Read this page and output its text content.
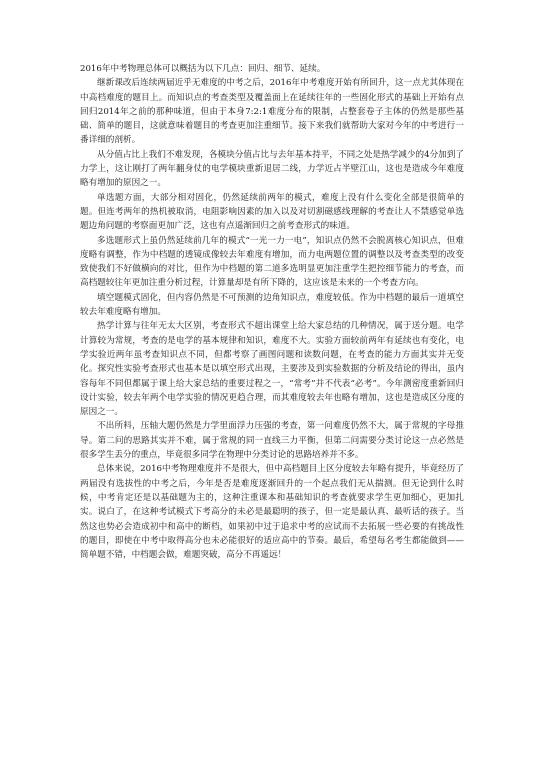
2016年中考物理总体可以概括为以下几点：回归、细节、延续。

继新课改后连续两届近乎无难度的中考之后，2016年中考难度开始有所回升，这一点尤其体现在中高档难度的题目上。而知识点的考查类型及覆盖面上在延续往年的一些固化形式的基础上开始有点回归2014年之前的那种味道，但由于本身7:2:1难度分布的限制，占整套卷子主体的仍然是那些基础、简单的题目，这就意味着题目的考查更加注重细节。接下来我们就帮助大家对今年的中考进行一番详细的剖析。

从分值占比上我们不难发现，各模块分值占比与去年基本持平，不同之处是热学减少的4分加到了力学上，这让刚打了两年翻身仗的电学模块重新退居二线，力学近占半壁江山，这也是造成今年难度略有增加的原因之一。

单选题方面，大部分相对固化，仍然延续前两年的模式，难度上没有什么变化全部是很简单的题。但连考两年的热机被取消，电阻影响因素的加入以及对切割磁感线理解的考查让人不禁感觉单选题边角问题的考察面更加广泛，这也有点遥渐回归之前考查形式的味道。

多选题形式上虽仍然延续前几年的模式“一光一力一电”，知识点仍然不会脱离核心知识点，但难度略有调整，作为中档题的透镜成像较去年难度有增加，而力电两题位置的调整以及考查类型的改变致使我们不好做横向的对比，但作为中档题的第二道多选明显更加注重学生把控细节能力的考查，而高档题较往年更加注重分析过程，计算量却是有所下降的，这应该是未来的一个考查方向。

填空题模式固化，但内容仍然是不可预测的边角知识点，难度较低。作为中档题的最后一道填空较去年难度略有增加。

热学计算与往年无太大区别，考查形式不超出课堂上给大家总结的几种情况，属于送分题。电学计算较为常规，考查的是电学的基本规律和知识，难度不大。实验方面较前两年有延续也有变化，电学实验近两年虽考查知识点不同，但都考察了画图问题和读数问题，在考查的能力方面其实并无变化。探究性实验考查形式也基本是以填空形式出现，主要涉及到实验数据的分析及结论的得出，虽内容每年不同但都属于课上给大家总结的重要过程之一，“常考”并不代表“必考”。今年测密度重新回归设计实验，较去年两个电学实验的情况更趋合理，而其难度较去年也略有增加，这也是造成区分度的原因之一。

不出所料，压轴大题仍然是力学里面浮力压强的考查，第一问难度仍然不大，属于常规的字母推导。第二问的思路其实并不难，属于常规的同一直线三力平衡，但第二问需要分类讨论这一点必然是很多学生丢分的重点，毕竟很多同学在物理中分类讨论的思路培养并不多。

总体来说，2016中考物理难度并不是很大，但中高档题目上区分度较去年略有提升，毕竟经历了两届没有选拔性的中考之后，今年是否是难度逐渐回升的一个起点我们无从揣测。但无论到什么时候，中考肯定还是以基础题为主的，这种注重课本和基础知识的考查就要求学生更加细心，更加扎实。说白了，在这种考试模式下考高分的未必是最聪明的孩子，但一定是最认真、最听话的孩子。当然这也势必会造成初中和高中的断档，如果初中过于追求中考的应试而不去拓展一些必要的有挑战性的题目，即使在中考中取得高分也未必能很好的适应高中的节奏。最后，希望每名考生都能做到——简单题不错，中档题会做，难题突破，高分不再遥远！
